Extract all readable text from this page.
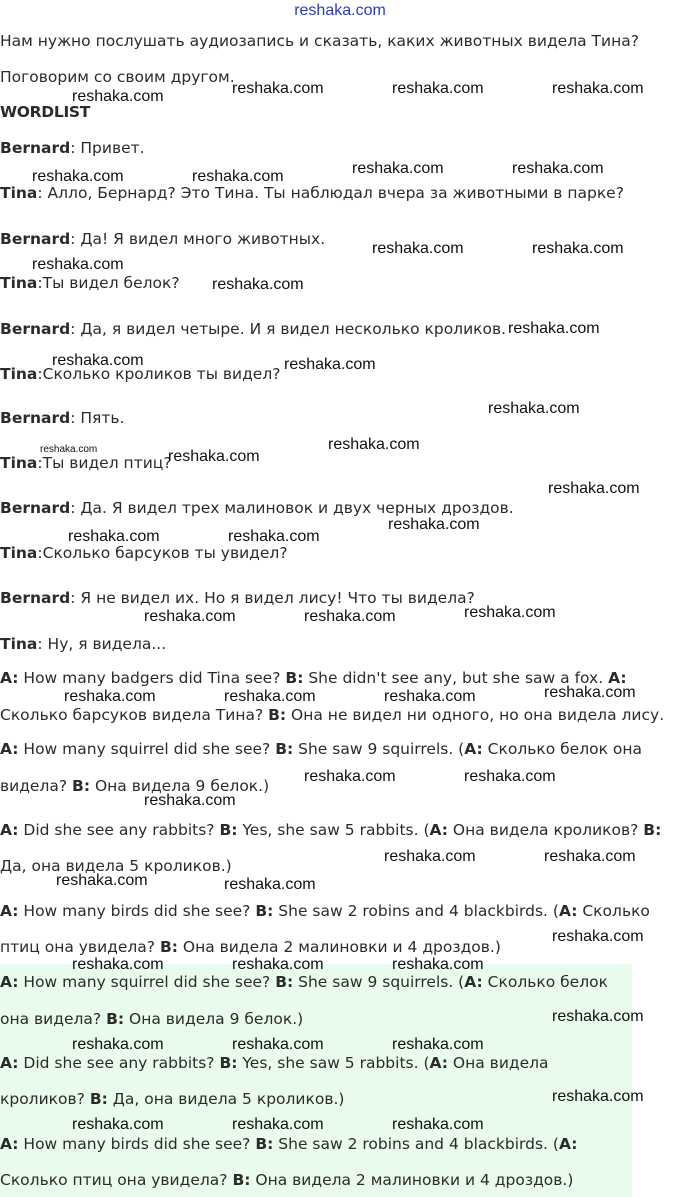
reshaka.com
Нам нужно послушать аудиозапись и сказать, каких животных видела Тина?
Поговорим со своим другом.
WORDLIST
Bernard: Привет.
Tina: Алло, Бернард? Это Тина. Ты наблюдал вчера за животными в парке?
Bernard: Да! Я видел много животных.
Tina:Ты видел белок?
Bernard: Да, я видел четыре. И я видел несколько кроликов.
Tina:Сколько кроликов ты видел?
Bernard: Пять.
Tina:Ты видел птиц?
Bernard: Да. Я видел трех малиновок и двух черных дроздов.
Tina:Сколько барсуков ты увидел?
Bernard: Я не видел их. Но я видел лису! Что ты видела?
Tina: Ну, я видела...
A: How many badgers did Tina see? B: She didn't see any, but she saw a fox. A:
Сколько барсуков видела Тина? B: Она не видел ни одного, но она видела лису.
A: How many squirrel did she see? B: She saw 9 squirrels. (A: Сколько белок она
видела? B: Она видела 9 белок.)
A: Did she see any rabbits? B: Yes, she saw 5 rabbits. (A: Она видела кроликов? B:
Да, она видела 5 кроликов.)
A: How many birds did she see? B: She saw 2 robins and 4 blackbirds. (A: Сколько
птиц она увидела? B: Она видела 2 малиновки и 4 дроздов.)
A: How many squirrel did she see? B: She saw 9 squirrels. (A: Сколько белок
она видела? B: Она видела 9 белок.)
A: Did she see any rabbits? B: Yes, she saw 5 rabbits. (A: Она видела
кроликов? B: Да, она видела 5 кроликов.)
A: How many birds did she see? B: She saw 2 robins and 4 blackbirds. (A:
Сколько птиц она увидела? B: Она видела 2 малиновки и 4 дроздов.)
reshaka.com	reshaka.com	reshaka.com	reshaka.com
reshaka.com	reshaka.com	reshaka.com	reshaka.com
reshaka.com	reshaka.com
reshaka.com
reshaka.com
reshaka.com
reshaka.com	reshaka.com
reshaka.com
reshaka.com
reshaka.com
reshaka.com
reshaka.com
reshaka.com	reshaka.com
reshaka.com	reshaka.com	reshaka.com
reshaka.com	reshaka.com	reshaka.com	reshaka.com
reshaka.com	reshaka.com
reshaka.com
reshaka.com	reshaka.com
reshaka.com	reshaka.com
reshaka.com
reshaka.com	reshaka.com	reshaka.com
reshaka.com
reshaka.com	reshaka.com	reshaka.com
reshaka.com
reshaka.com	reshaka.com	reshaka.com
reshaka.com
